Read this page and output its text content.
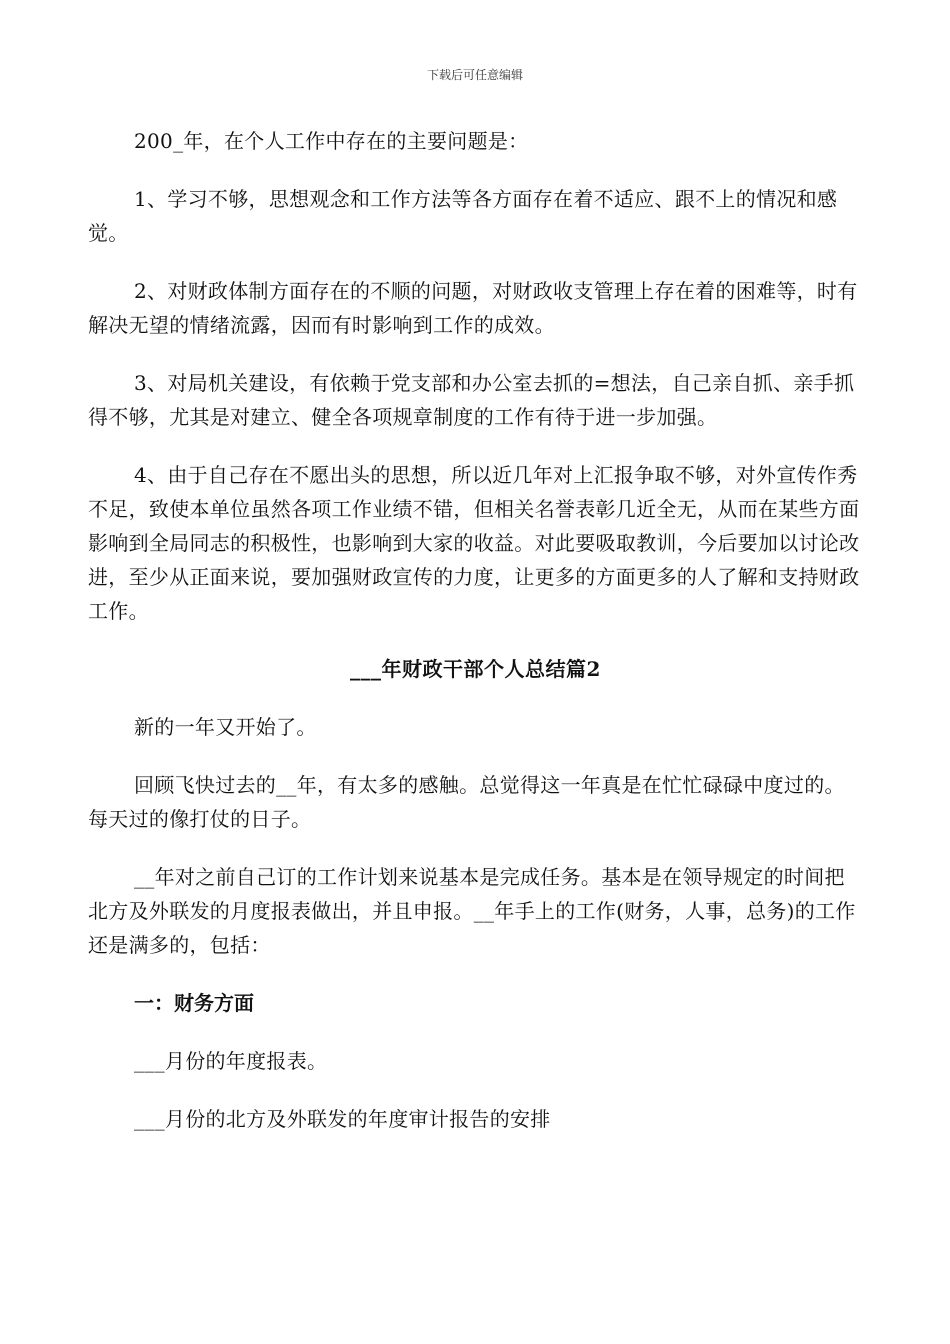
下载后可任意编辑

200_年，在个人工作中存在的主要问题是：

1、学习不够，思想观念和工作方法等各方面存在着不适应、跟不上的情况和感觉。

2、对财政体制方面存在的不顺的问题，对财政收支管理上存在着的困难等，时有解决无望的情绪流露，因而有时影响到工作的成效。

3、对局机关建设，有依赖于党支部和办公室去抓的=想法，自己亲自抓、亲手抓得不够，尤其是对建立、健全各项规章制度的工作有待于进一步加强。

4、由于自己存在不愿出头的思想，所以近几年对上汇报争取不够，对外宣传作秀不足，致使本单位虽然各项工作业绩不错，但相关名誉表彰几近全无，从而在某些方面影响到全局同志的积极性，也影响到大家的收益。对此要吸取教训，今后要加以讨论改进，至少从正面来说，要加强财政宣传的力度，让更多的方面更多的人了解和支持财政工作。

___年财政干部个人总结篇2

新的一年又开始了。

回顾飞快过去的__年，有太多的感触。总觉得这一年真是在忙忙碌碌中度过的。每天过的像打仗的日子。

__年对之前自己订的工作计划来说基本是完成任务。基本是在领导规定的时间把北方及外联发的月度报表做出，并且申报。__年手上的工作(财务，人事，总务)的工作还是满多的，包括：

一：财务方面

___月份的年度报表。

___月份的北方及外联发的年度审计报告的安排
